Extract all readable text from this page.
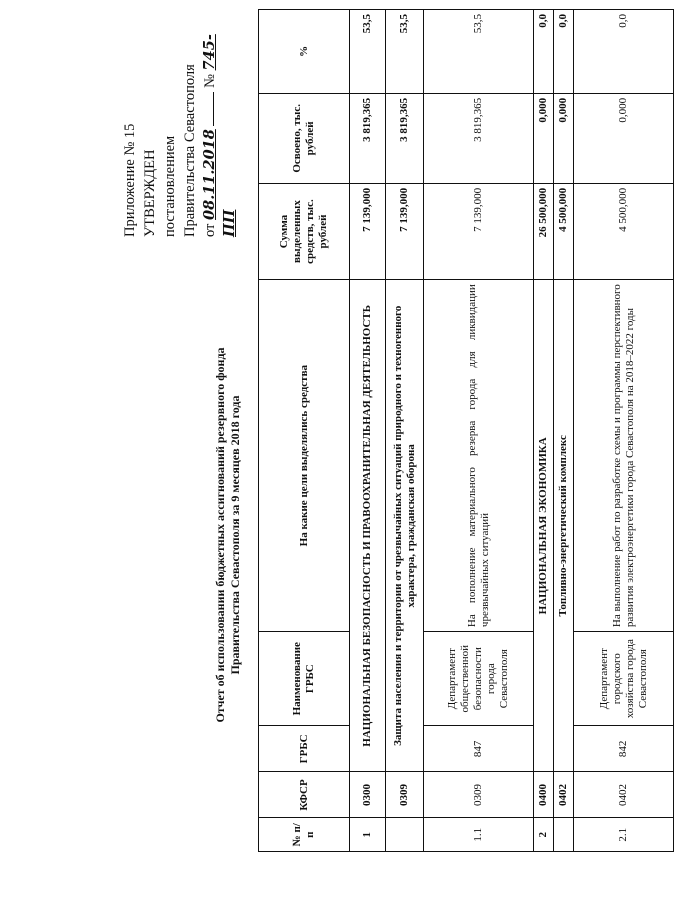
Приложение № 15 УТВЕРЖДЕН постановлением Правительства Севастополя от 08.11.2018  № 745-ПП
Отчет об использовании бюджетных ассигнований резервного фонда Правительства Севастополя за 9 месяцев 2018 года
№ п/п	КФСР	ГРБС	Наименование ГРБС	На какие цели выделялись средства	Сумма выделенных средств, тыс. рублей	Освоено, тыс. рублей	%
1	0300	НАЦИОНАЛЬНАЯ БЕЗОПАСНОСТЬ И ПРАВООХРАНИТЕЛЬНАЯ ДЕЯТЕЛЬНОСТЬ			7 139,000	3 819,365	53,5
	0309	Защита населения и территории от чрезвычайных ситуаций природного и техногенного характера, гражданская оборона			7 139,000	3 819,365	53,5
1.1	0309	847	Департамент общественной безопасности города Севастополя	На пополнение материального резерва города для ликвидации чрезвычайных ситуаций	7 139,000	3 819,365	53,5
2	0400	НАЦИОНАЛЬНАЯ ЭКОНОМИКА			26 500,000	0,000	0,0
	0402	Топливно-энергетический комплекс			4 500,000	0,000	0,0
2.1	0402	842	Департамент городского хозяйства города Севастополя	На выполнение работ по разработке схемы и программы перспективного развития электроэнергетики города Севастополя на 2018–2022 годы	4 500,000	0,000	0,0
